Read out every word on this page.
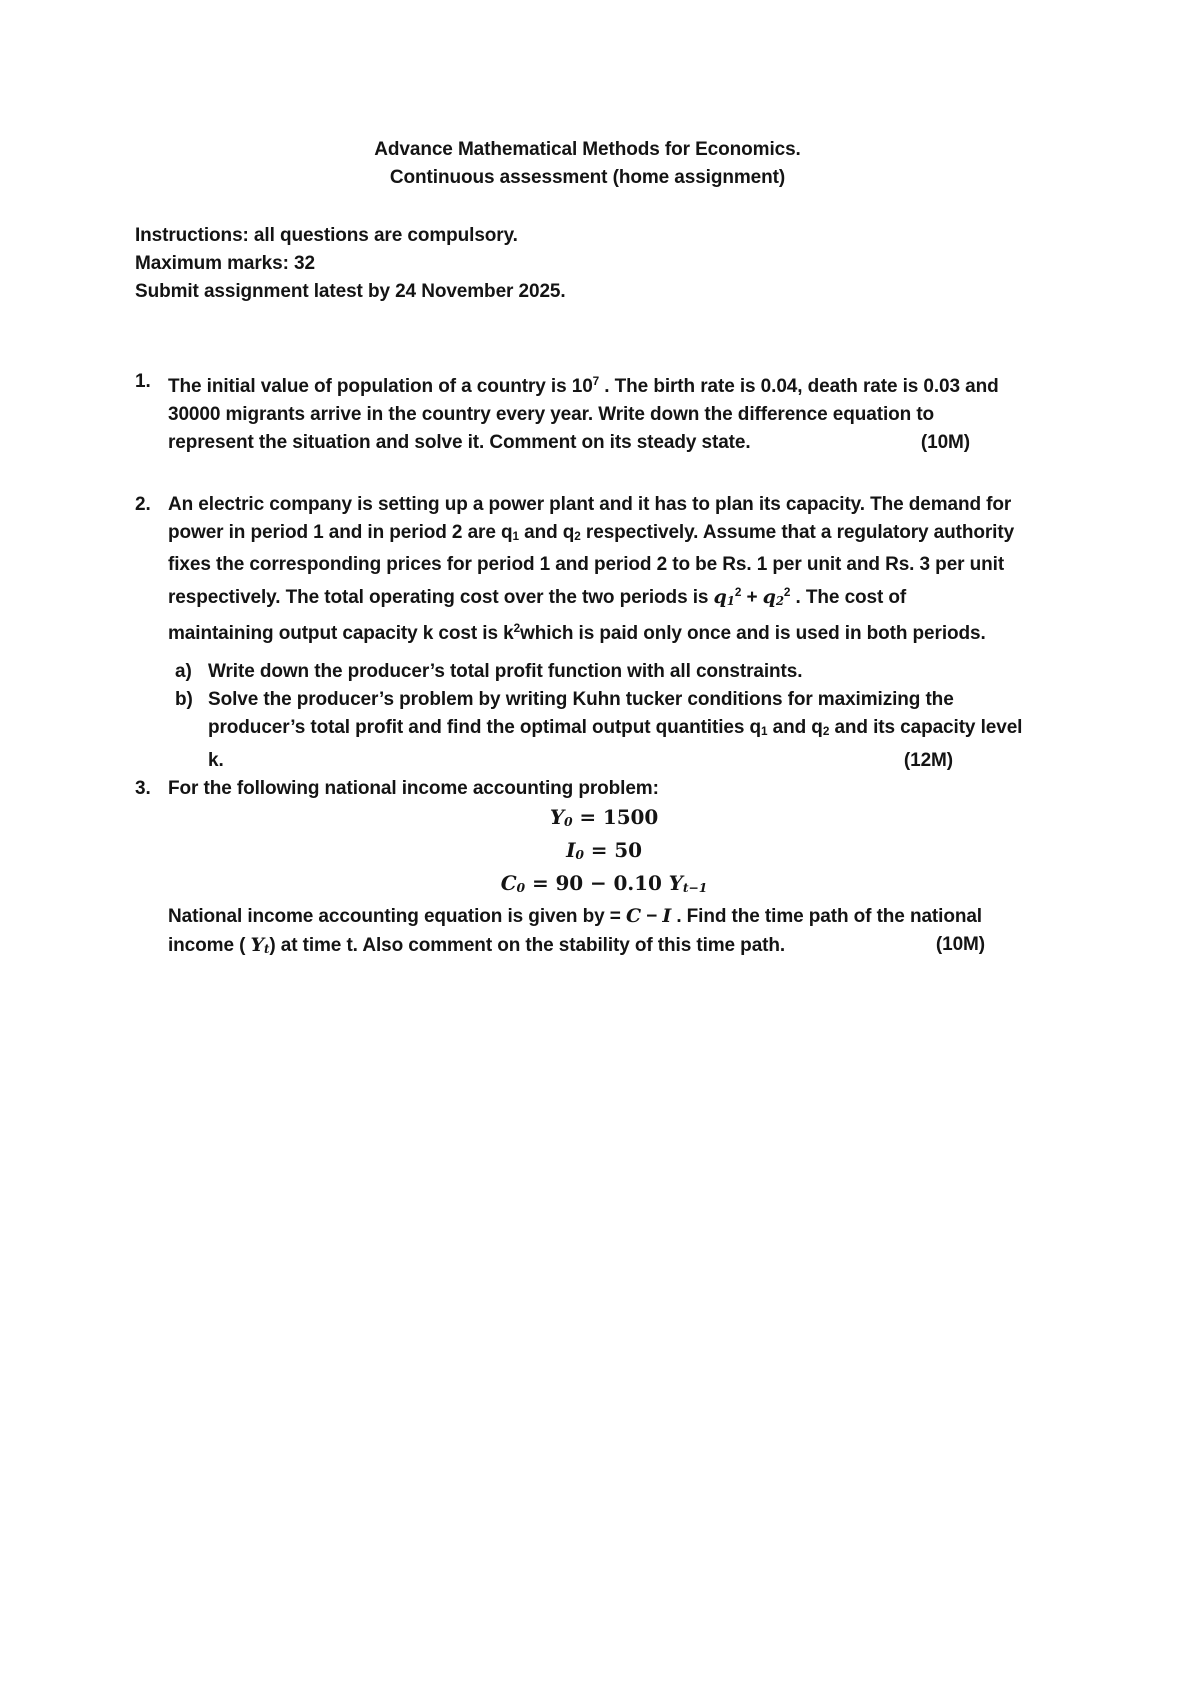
Advance Mathematical Methods for Economics.
Continuous assessment (home assignment)
Instructions: all questions are compulsory.
Maximum marks: 32
Submit assignment latest by 24 November 2025.
1. The initial value of population of a country is $10^7$ . The birth rate is 0.04, death rate is 0.03 and
30000 migrants arrive in the country every year. Write down the difference equation to
represent the situation and solve it. Comment on its steady state.	(10M)
2. An electric company is setting up a power plant and it has to plan its capacity. The demand for
power in period 1 and in period 2 are q1 and q2 respectively. Assume that a regulatory authority
fixes the corresponding prices for period 1 and period 2 to be Rs. 1 per unit and Rs. 3 per unit
respectively. The total operating cost over the two periods is $q1^2 + q2^2$ . The cost of
maintaining output capacity k cost is $k^2which$ is paid only once and is used in both periods.
a) Write down the producer’s total profit function with all constraints.
b) Solve the producer’s problem by writing Kuhn tucker conditions for maximizing the
producer’s total profit and find the optimal output quantities q1 and q2 and its capacity level
k.	(12M)
3. For the following national income accounting problem:
Y0 = 1500
I0 = 50
C0 = 90 − 0.10 Yt−1
National income accounting equation is given by = C − I . Find the time path of the national
income ( Yt) at time t. Also comment on the stability of this time path.	(10M)
